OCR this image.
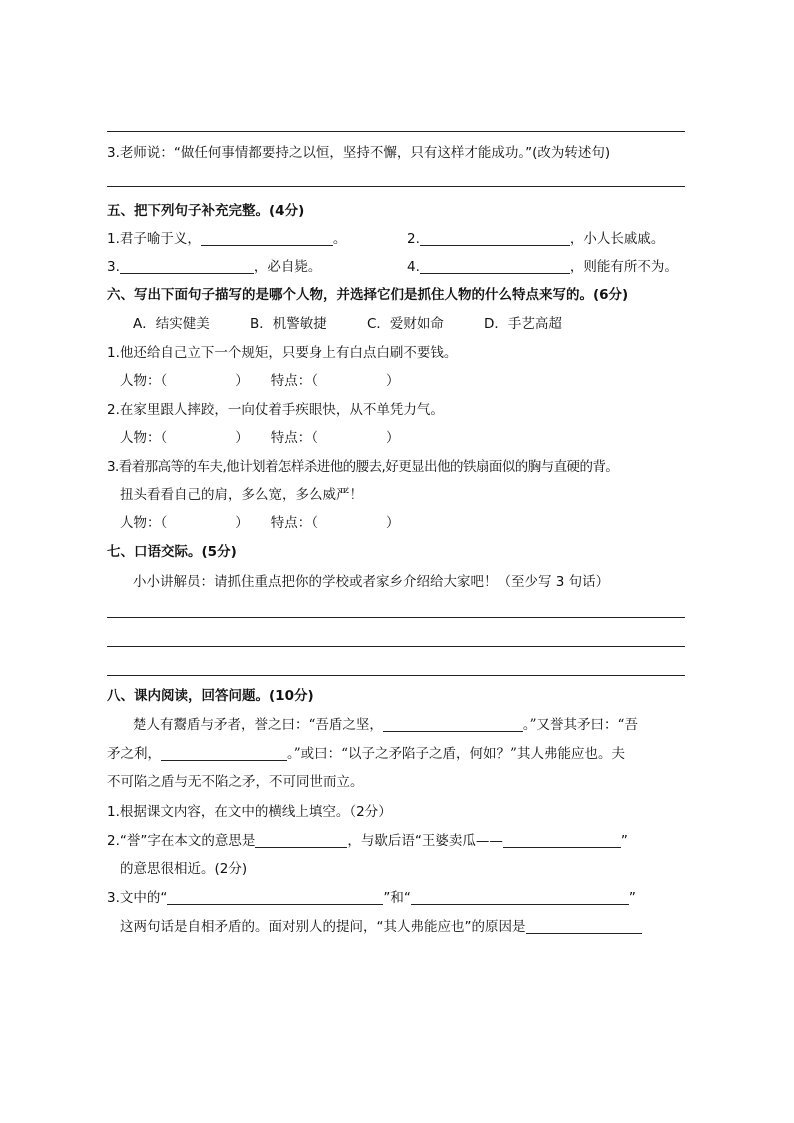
3.老师说：“做任何事情都要持之以恒，坚持不懈，只有这样才能成功。”(改为转述句)
五、把下列句子补充完整。(4分)
1.君子喻于义，	。	2.	，小人长戚戚。
3.	，必自毙。	4.	，则能有所不为。
六、写出下面句子描写的是哪个人物，并选择它们是抓住人物的什么特点来写的。(6分)
A．结实健美	B．机警敏捷	C．爱财如命	D．手艺高超
1.他还给自己立下一个规矩，只要身上有白点白刷不要钱。
人物：（	） 特点：（	）
2.在家里跟人摔跤，一向仗着手疾眼快，从不单凭力气。
人物：（	） 特点：（	）
3.看着那高等的车夫,他计划着怎样杀进他的腰去,好更显出他的铁扇面似的胸与直硬的背。
扭头看看自己的肩，多么宽，多么威严！
人物：（	） 特点：（	）
七、口语交际。(5分)
小小讲解员：请抓住重点把你的学校或者家乡介绍给大家吧！（至少写 3 句话）
八、课内阅读，回答问题。(10分)
楚人有鬻盾与矛者，誉之曰：“吾盾之坚，	。”又誉其矛曰：“吾
矛之利，	。”或曰：“以子之矛陷子之盾，何如？”其人弗能应也。夫
不可陷之盾与无不陷之矛，不可同世而立。
1.根据课文内容，在文中的横线上填空。（2分）
2.“誉”字在本文的意思是	，与歇后语“王婆卖瓜——	”
的意思很相近。(2分)
3.文中的“	”和“	”
这两句话是自相矛盾的。面对别人的提问，“其人弗能应也”的原因是
